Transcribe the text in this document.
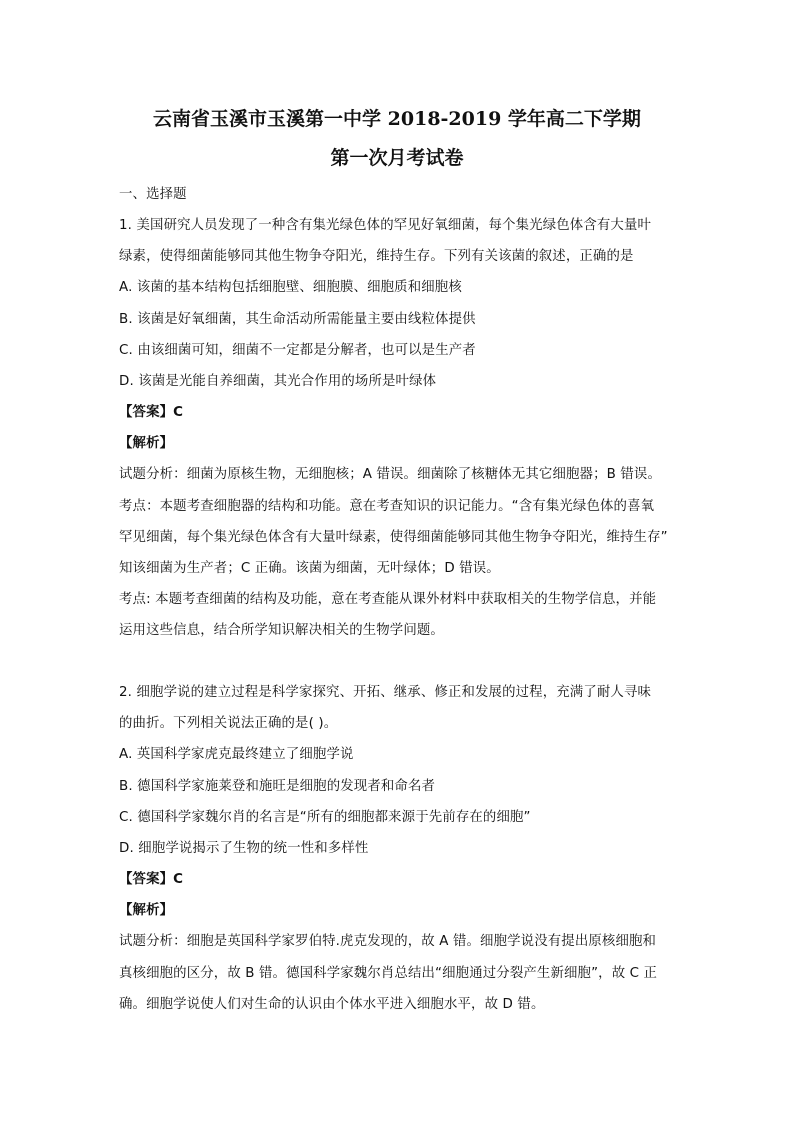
云南省玉溪市玉溪第一中学 2018-2019 学年高二下学期
第一次月考试卷
一、选择题
1. 美国研究人员发现了一种含有集光绿色体的罕见好氧细菌，每个集光绿色体含有大量叶
绿素，使得细菌能够同其他生物争夺阳光，维持生存。下列有关该菌的叙述，正确的是
A. 该菌的基本结构包括细胞壁、细胞膜、细胞质和细胞核
B. 该菌是好氧细菌，其生命活动所需能量主要由线粒体提供
C. 由该细菌可知，细菌不一定都是分解者，也可以是生产者
D. 该菌是光能自养细菌，其光合作用的场所是叶绿体
【答案】C
【解析】
试题分析：细菌为原核生物，无细胞核；A 错误。细菌除了核糖体无其它细胞器；B 错误。
考点：本题考查细胞器的结构和功能。意在考查知识的识记能力。“含有集光绿色体的喜氧
罕见细菌，每个集光绿色体含有大量叶绿素，使得细菌能够同其他生物争夺阳光，维持生存”
知该细菌为生产者；C 正确。该菌为细菌，无叶绿体；D 错误。
考点: 本题考查细菌的结构及功能，意在考查能从课外材料中获取相关的生物学信息，并能
运用这些信息，结合所学知识解决相关的生物学问题。
2. 细胞学说的建立过程是科学家探究、开拓、继承、修正和发展的过程，充满了耐人寻味
的曲折。下列相关说法正确的是( )。
A. 英国科学家虎克最终建立了细胞学说
B. 德国科学家施莱登和施旺是细胞的发现者和命名者
C. 德国科学家魏尔肖的名言是“所有的细胞都来源于先前存在的细胞”
D. 细胞学说揭示了生物的统一性和多样性
【答案】C
【解析】
试题分析：细胞是英国科学家罗伯特.虎克发现的，故 A 错。细胞学说没有提出原核细胞和
真核细胞的区分，故 B 错。德国科学家魏尔肖总结出“细胞通过分裂产生新细胞”，故 C 正
确。细胞学说使人们对生命的认识由个体水平进入细胞水平，故 D 错。
